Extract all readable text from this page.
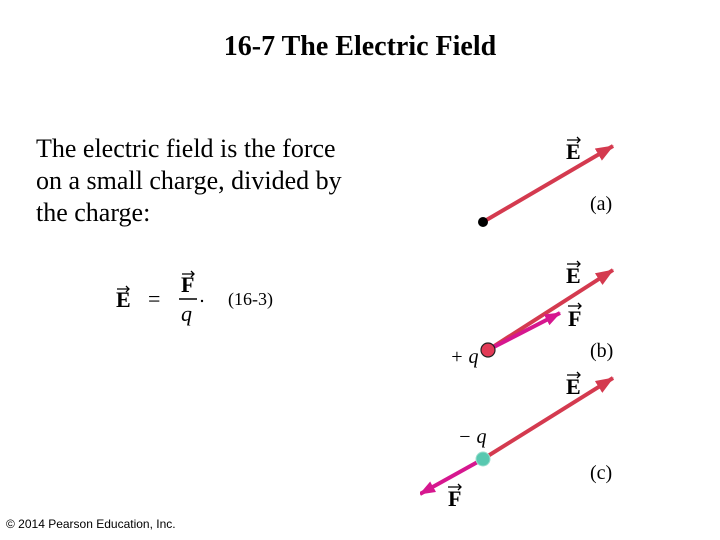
16-7 The Electric Field
The electric field is the force
on a small charge, divided by
the charge:
E =
F
q
(16-3)
E
(a)
E
F
+ q	(b)
E
F
− q
(c)
© 2014 Pearson Education, Inc.
